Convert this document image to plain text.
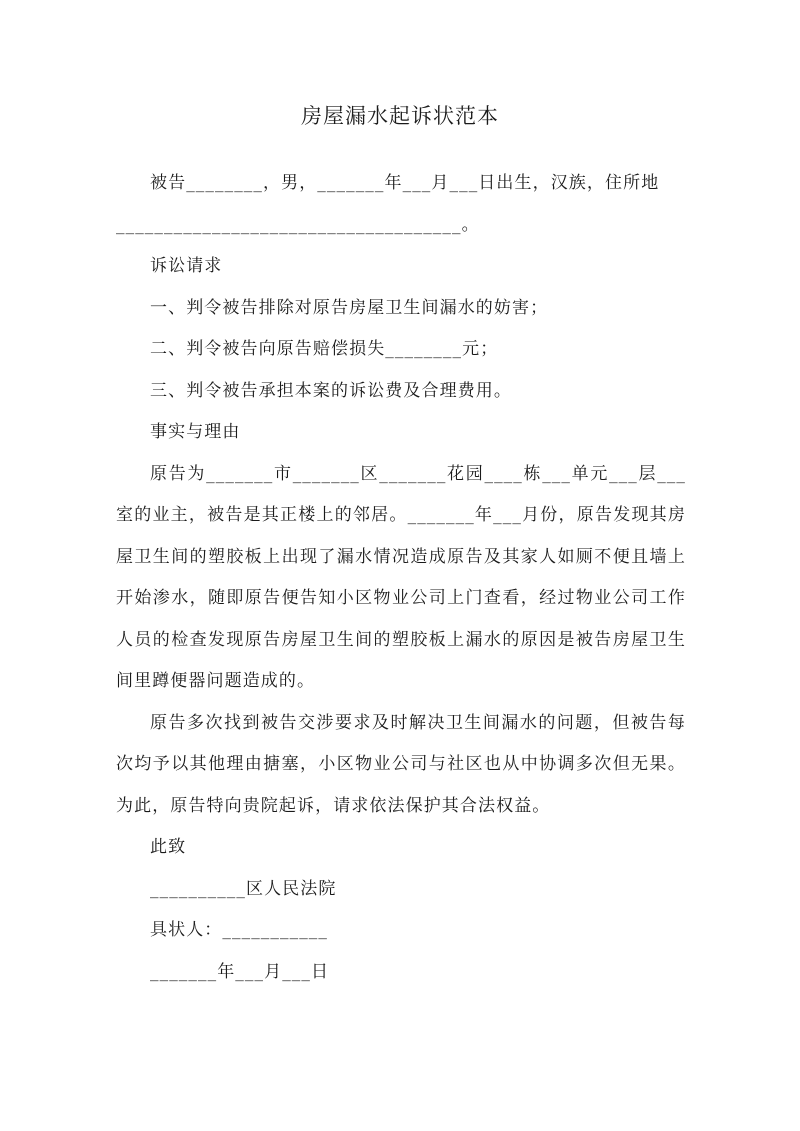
房屋漏水起诉状范本

被告________，男，_______年___月___日出生，汉族，住所地

____________________________________。

诉讼请求

一、判令被告排除对原告房屋卫生间漏水的妨害；

二、判令被告向原告赔偿损失________元；

三、判令被告承担本案的诉讼费及合理费用。

事实与理由

原告为_______市_______区_______花园____栋___单元___层___室的业主，被告是其正楼上的邻居。_______年___月份，原告发现其房屋卫生间的塑胶板上出现了漏水情况造成原告及其家人如厕不便且墙上开始渗水，随即原告便告知小区物业公司上门查看，经过物业公司工作人员的检查发现原告房屋卫生间的塑胶板上漏水的原因是被告房屋卫生间里蹲便器问题造成的。

原告多次找到被告交涉要求及时解决卫生间漏水的问题，但被告每次均予以其他理由搪塞，小区物业公司与社区也从中协调多次但无果。为此，原告特向贵院起诉，请求依法保护其合法权益。

此致

__________区人民法院

具状人：___________

_______年___月___日
